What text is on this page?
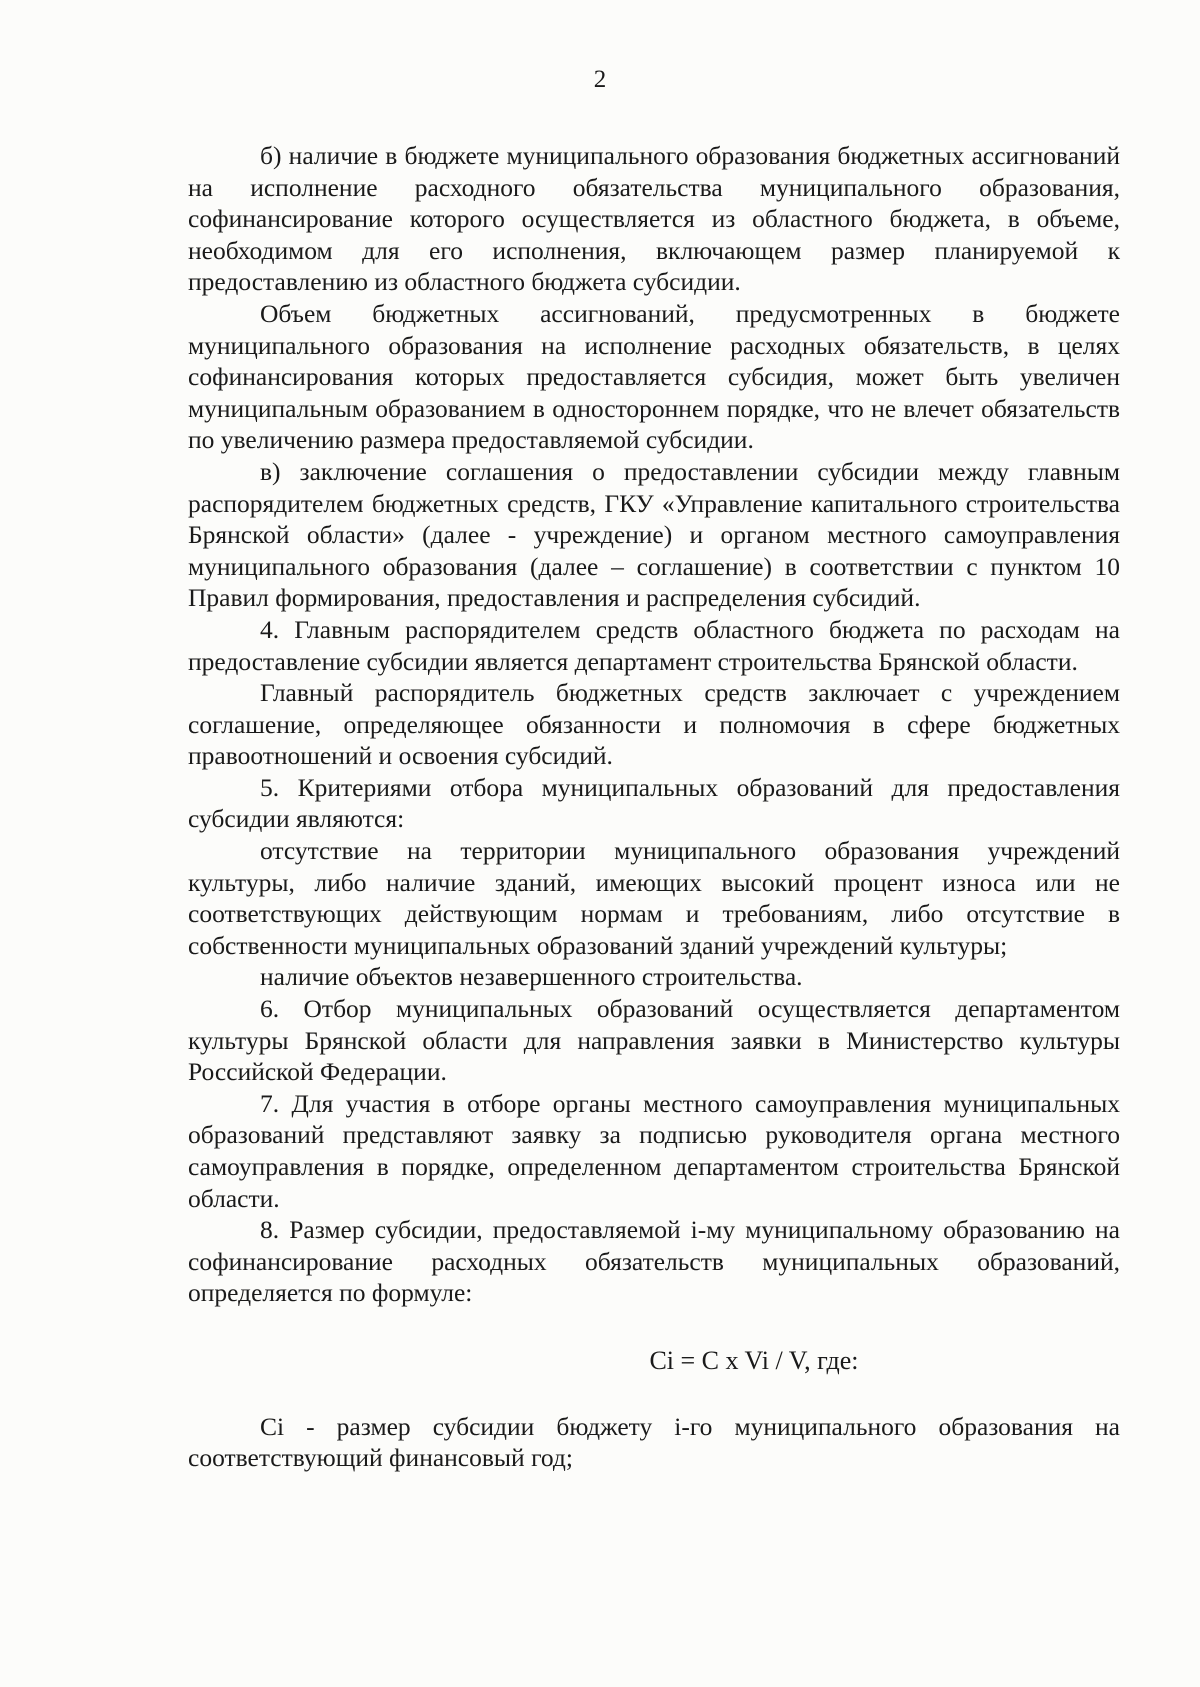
2

б) наличие в бюджете муниципального образования бюджетных ассигнований на исполнение расходного обязательства муниципального образования, софинансирование которого осуществляется из областного бюджета, в объеме, необходимом для его исполнения, включающем размер планируемой к предоставлению из областного бюджета субсидии.

Объем бюджетных ассигнований, предусмотренных в бюджете муниципального образования на исполнение расходных обязательств, в целях софинансирования которых предоставляется субсидия, может быть увеличен муниципальным образованием в одностороннем порядке, что не влечет обязательств по увеличению размера предоставляемой субсидии.

в) заключение соглашения о предоставлении субсидии между главным распорядителем бюджетных средств, ГКУ «Управление капитального строительства Брянской области» (далее - учреждение) и органом местного самоуправления муниципального образования (далее – соглашение) в соответствии с пунктом 10 Правил формирования, предоставления и распределения субсидий.

4. Главным распорядителем средств областного бюджета по расходам на предоставление субсидии является департамент строительства Брянской области.

Главный распорядитель бюджетных средств заключает с учреждением соглашение, определяющее обязанности и полномочия в сфере бюджетных правоотношений и освоения субсидий.

5. Критериями отбора муниципальных образований для предоставления субсидии являются:

отсутствие на территории муниципального образования учреждений культуры, либо наличие зданий, имеющих высокий процент износа или не соответствующих действующим нормам и требованиям, либо отсутствие в собственности муниципальных образований зданий учреждений культуры;

наличие объектов незавершенного строительства.

6. Отбор муниципальных образований осуществляется департаментом культуры Брянской области для направления заявки в Министерство культуры Российской Федерации.

7. Для участия в отборе органы местного самоуправления муниципальных образований представляют заявку за подписью руководителя органа местного самоуправления в порядке, определенном департаментом строительства Брянской области.

8. Размер субсидии, предоставляемой i-му муниципальному образованию на софинансирование расходных обязательств муниципальных образований, определяется по формуле:

Ci = C x Vi / V, где:

Ci - размер субсидии бюджету i-го муниципального образования на соответствующий финансовый год;
